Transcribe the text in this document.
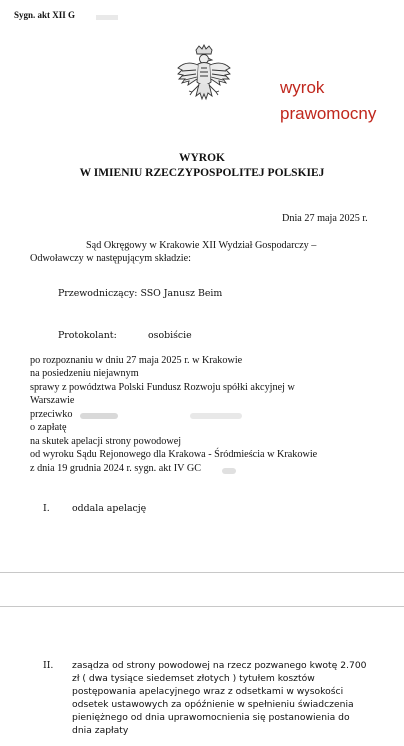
Sygn. akt XII G
wyrok
prawomocny
WYROK
W IMIENIU RZECZYPOSPOLITEJ POLSKIEJ
Dnia 27 maja 2025 r.
Sąd Okręgowy w Krakowie XII Wydział Gospodarczy –
Odwoławczy w następującym składzie:
Przewodniczący: SSO Janusz Beim
Protokolant:	osobiście
po rozpoznaniu w dniu 27 maja 2025 r. w Krakowie
na posiedzeniu niejawnym
sprawy z powództwa Polski Fundusz Rozwoju spółki akcyjnej w
Warszawie
przeciwko
o zapłatę
na skutek apelacji strony powodowej
od wyroku Sądu Rejonowego dla Krakowa - Śródmieścia w Krakowie
z dnia 19 grudnia 2024 r. sygn. akt IV GC
I. oddala apelację
II. zasądza od strony powodowej na rzecz pozwanego kwotę 2.700
zł ( dwa tysiące siedemset złotych ) tytułem kosztów
postępowania apelacyjnego wraz z odsetkami w wysokości
odsetek ustawowych za opóźnienie w spełnieniu świadczenia
pieniężnego od dnia uprawomocnienia się postanowienia do
dnia zapłaty
